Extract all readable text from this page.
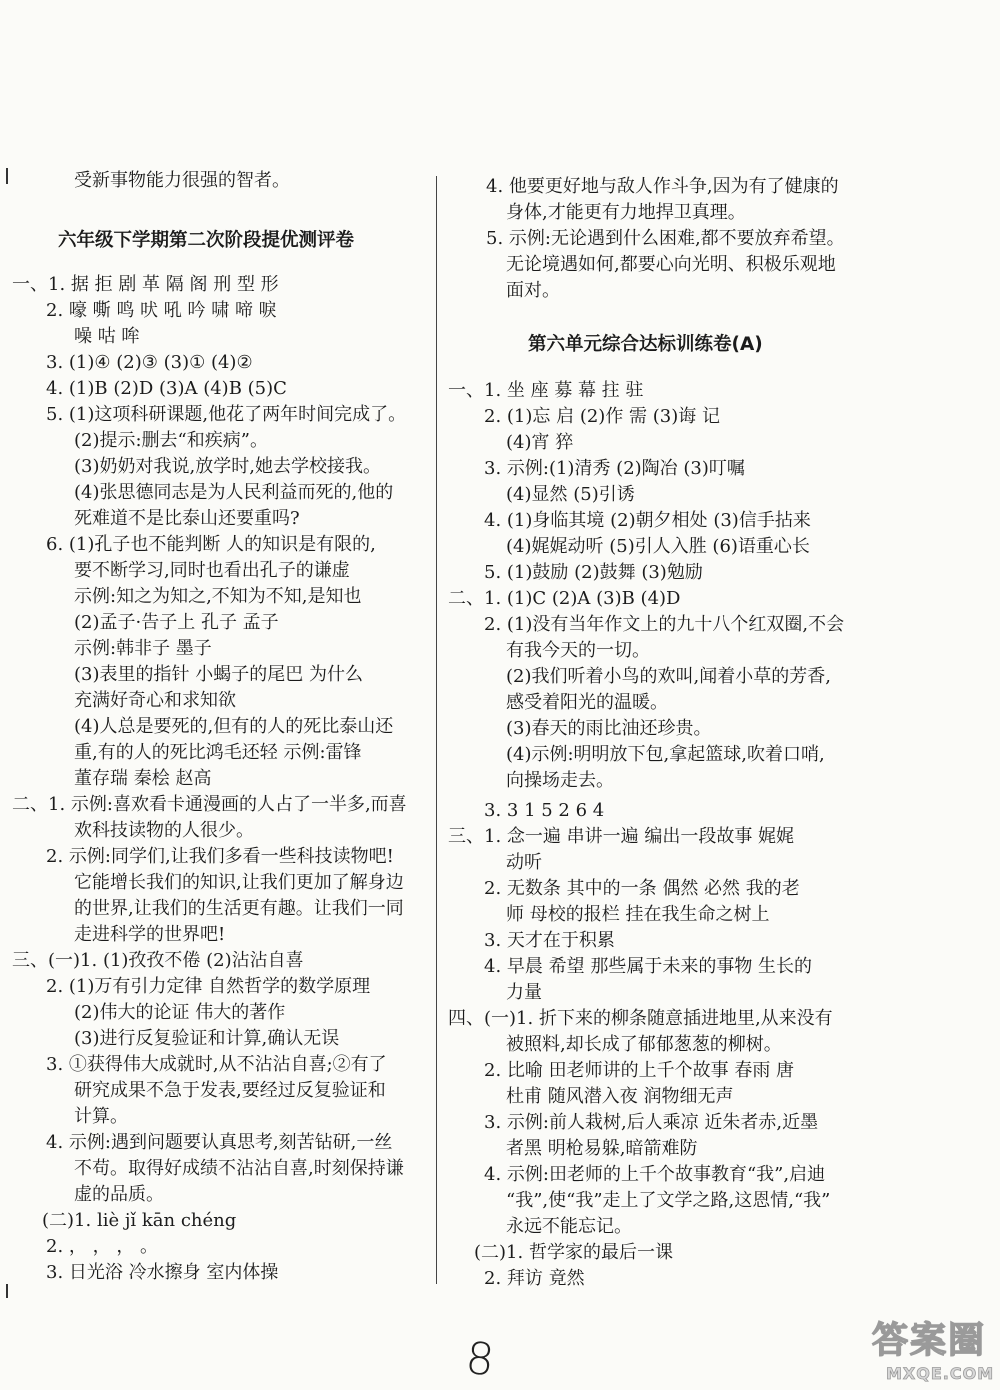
受新事物能力很强的智者。
六年级下学期第二次阶段提优测评卷
一、1. 据 拒 剧 革 隔 阁 刑 型 形
2. 嚎 嘶 鸣 吠 吼 吟 啸 啼 唳
噪 咕 哞
3. (1)④ (2)③ (3)① (4)②
4. (1)B (2)D (3)A (4)B (5)C
5. (1)这项科研课题,他花了两年时间完成了。
(2)提示:删去“和疾病”。
(3)奶奶对我说,放学时,她去学校接我。
(4)张思德同志是为人民利益而死的,他的
死难道不是比泰山还要重吗?
6. (1)孔子也不能判断 人的知识是有限的,
要不断学习,同时也看出孔子的谦虚
示例:知之为知之,不知为不知,是知也
(2)孟子·告子上 孔子 孟子
示例:韩非子 墨子
(3)表里的指针 小蝎子的尾巴 为什么
充满好奇心和求知欲
(4)人总是要死的,但有的人的死比泰山还
重,有的人的死比鸿毛还轻 示例:雷锋
董存瑞 秦桧 赵高
二、1. 示例:喜欢看卡通漫画的人占了一半多,而喜
欢科技读物的人很少。
2. 示例:同学们,让我们多看一些科技读物吧!
它能增长我们的知识,让我们更加了解身边
的世界,让我们的生活更有趣。让我们一同
走进科学的世界吧!
三、(一)1. (1)孜孜不倦 (2)沾沾自喜
2. (1)万有引力定律 自然哲学的数学原理
(2)伟大的论证 伟大的著作
(3)进行反复验证和计算,确认无误
3. ①获得伟大成就时,从不沾沾自喜;②有了
研究成果不急于发表,要经过反复验证和
计算。
4. 示例:遇到问题要认真思考,刻苦钻研,一丝
不苟。取得好成绩不沾沾自喜,时刻保持谦
虚的品质。
(二)1. liè jǐ kān chéng
2. ， ， ， 。
3. 日光浴 冷水擦身 室内体操
4. 他要更好地与敌人作斗争,因为有了健康的
身体,才能更有力地捍卫真理。
5. 示例:无论遇到什么困难,都不要放弃希望。
无论境遇如何,都要心向光明、积极乐观地
面对。
第六单元综合达标训练卷(A)
一、1. 坐 座 募 幕 拄 驻
2. (1)忘 启 (2)作 需 (3)诲 记
(4)宵 猝
3. 示例:(1)清秀 (2)陶冶 (3)叮嘱
(4)显然 (5)引诱
4. (1)身临其境 (2)朝夕相处 (3)信手拈来
(4)娓娓动听 (5)引人入胜 (6)语重心长
5. (1)鼓励 (2)鼓舞 (3)勉励
二、1. (1)C (2)A (3)B (4)D
2. (1)没有当年作文上的九十八个红双圈,不会
有我今天的一切。
(2)我们听着小鸟的欢叫,闻着小草的芳香,
感受着阳光的温暖。
(3)春天的雨比油还珍贵。
(4)示例:明明放下包,拿起篮球,吹着口哨,
向操场走去。
3. 3 1 5 2 6 4
三、1. 念一遍 串讲一遍 编出一段故事 娓娓
动听
2. 无数条 其中的一条 偶然 必然 我的老
师 母校的报栏 挂在我生命之树上
3. 天才在于积累
4. 早晨 希望 那些属于未来的事物 生长的
力量
四、(一)1. 折下来的柳条随意插进地里,从来没有
被照料,却长成了郁郁葱葱的柳树。
2. 比喻 田老师讲的上千个故事 春雨 唐
杜甫 随风潜入夜 润物细无声
3. 示例:前人栽树,后人乘凉 近朱者赤,近墨
者黑 明枪易躲,暗箭难防
4. 示例:田老师的上千个故事教育“我”,启迪
“我”,使“我”走上了文学之路,这恩情,“我”
永远不能忘记。
(二)1. 哲学家的最后一课
2. 拜访 竟然
8	答案圈
MXQE.COM
